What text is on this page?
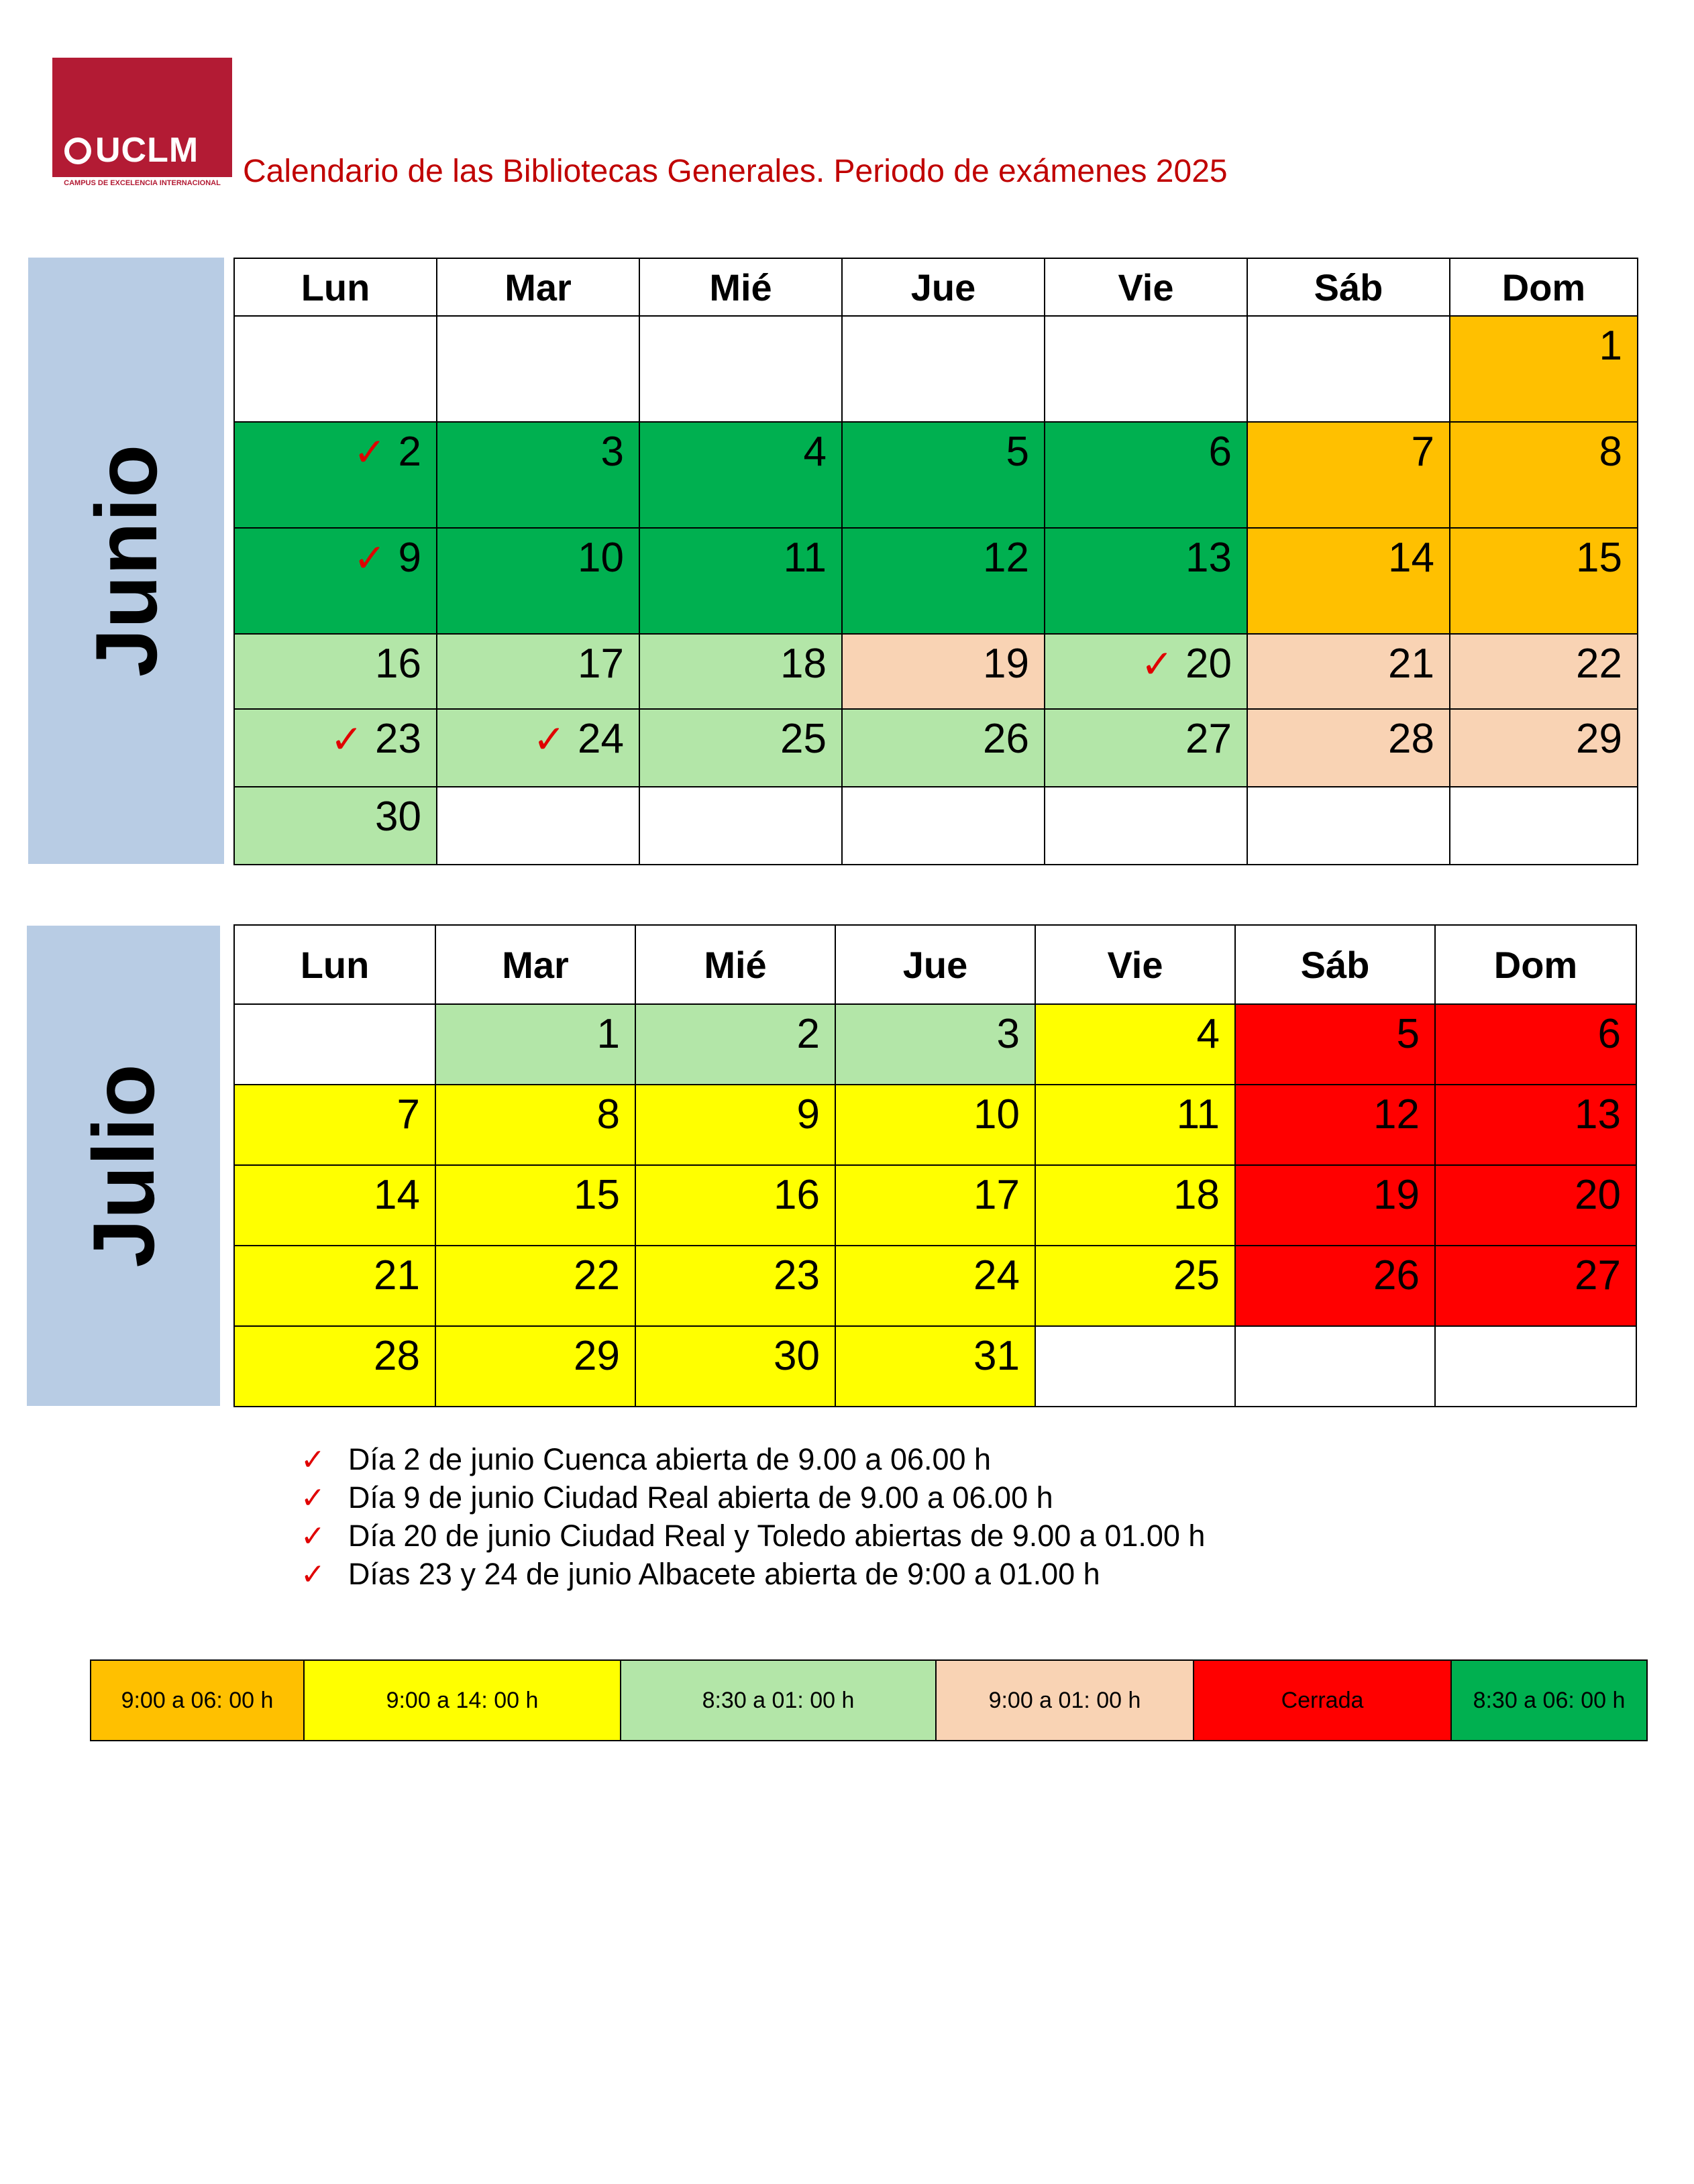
UCLM
CAMPUS DE EXCELENCIA INTERNACIONAL Calendario de las Bibliotecas Generales. Periodo de exámenes 2025
Junio
Lun	Mar	Mié	Jue	Vie	Sáb	Dom
						1
✓ 2	3	4	5	6	7	8
✓ 9	10	11	12	13	14	15
16	17	18	19	✓ 20	21	22
✓ 23	✓ 24	25	26	27	28	29
30						
Julio
Lun	Mar	Mié	Jue	Vie	Sáb	Dom
	1	2	3	4	5	6
7	8	9	10	11	12	13
14	15	16	17	18	19	20
21	22	23	24	25	26	27
28	29	30	31			
✓ Día 2 de junio Cuenca abierta de 9.00 a 06.00 h
✓ Día 9 de junio Ciudad Real abierta de 9.00 a 06.00 h
✓ Día 20 de junio Ciudad Real y Toledo abiertas de 9.00 a 01.00 h
✓ Días 23 y 24 de junio Albacete abierta de 9:00 a 01.00 h
9:00 a 06: 00 h	9:00 a 14: 00 h	8:30 a 01: 00 h	9:00 a 01: 00 h	Cerrada	8:30 a 06: 00 h
